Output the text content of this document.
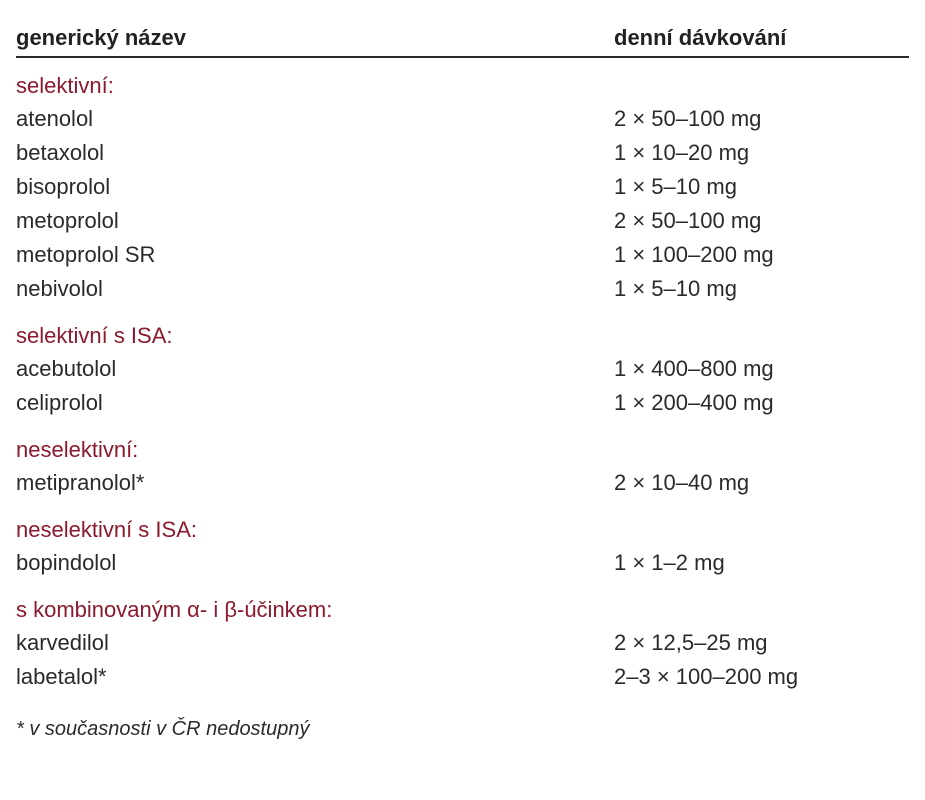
generický název	denní dávkování
selektivní:
atenolol	2 × 50–100 mg
betaxolol	1 × 10–20 mg
bisoprolol	1 × 5–10 mg
metoprolol	2 × 50–100 mg
metoprolol SR	1 × 100–200 mg
nebivolol	1 × 5–10 mg
selektivní s ISA:
acebutolol	1 × 400–800 mg
celiprolol	1 × 200–400 mg
neselektivní:
metipranolol*	2 × 10–40 mg
neselektivní s ISA:
bopindolol	1 × 1–2 mg
s kombinovaným α- i β-účinkem:
karvedilol	2 × 12,5–25 mg
labetalol*	2–3 × 100–200 mg
* v současnosti v ČR nedostupný
